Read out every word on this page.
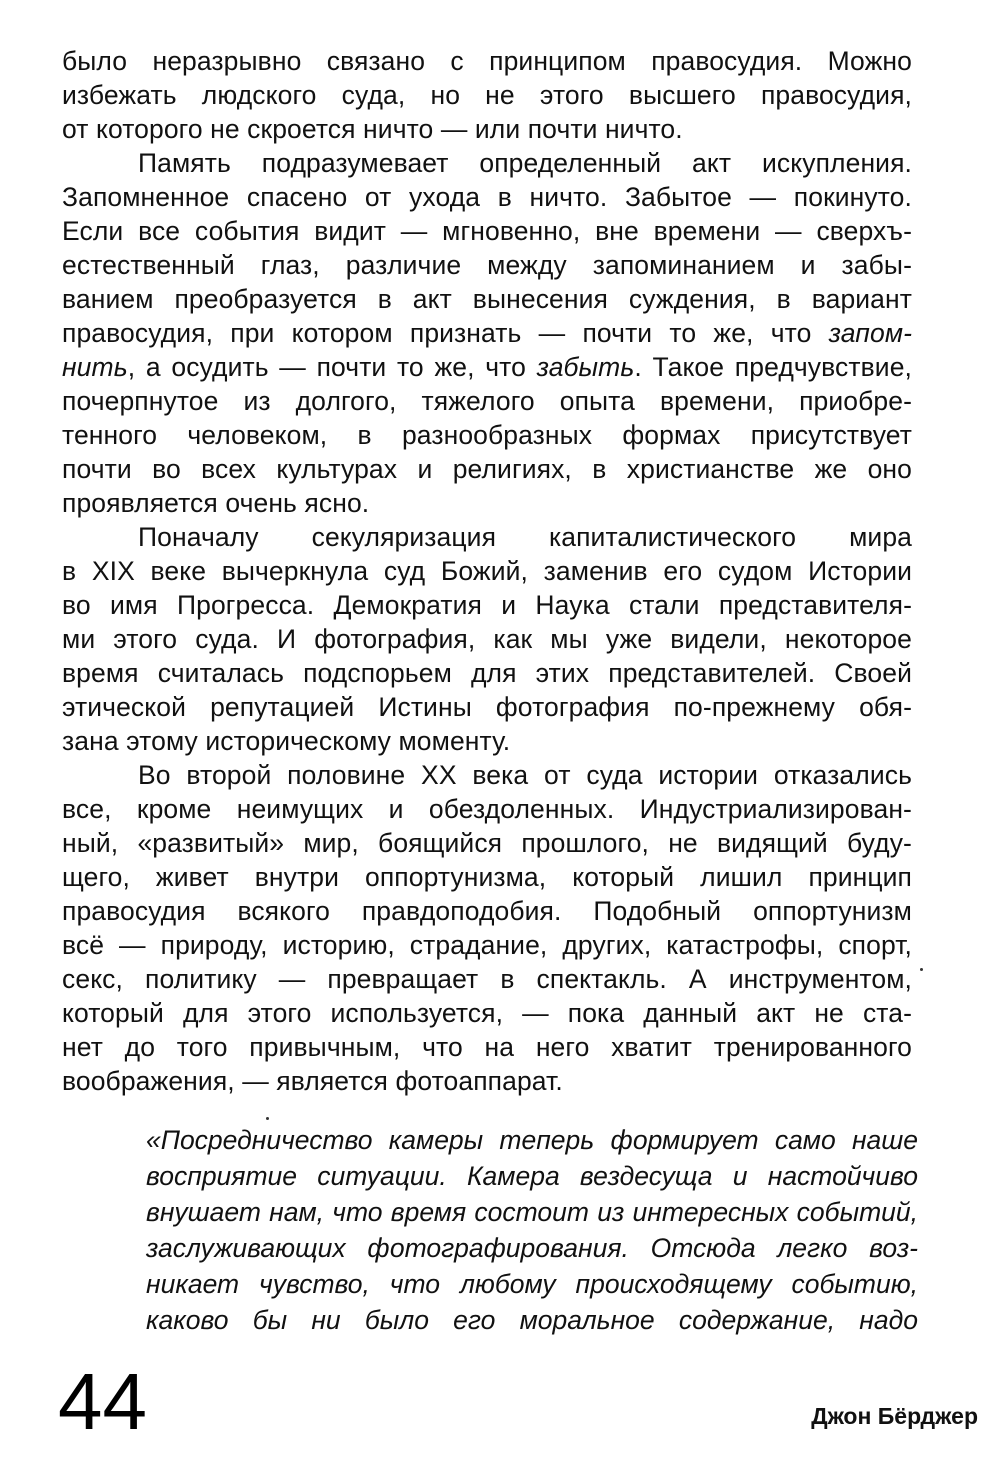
было неразрывно связано с принципом правосудия. Можно
избежать людского суда, но не этого высшего правосудия,
от которого не скроется ничто — или почти ничто.
Память подразумевает определенный акт искупления.
Запомненное спасено от ухода в ничто. Забытое — покинуто.
Если все события видит — мгновенно, вне времени — сверхъ-
естественный глаз, различие между запоминанием и забы-
ванием преобразуется в акт вынесения суждения, в вариант
правосудия, при котором признать — почти то же, что запом-
нить, а осудить — почти то же, что забыть. Такое предчувствие,
почерпнутое из долгого, тяжелого опыта времени, приобре-
тенного человеком, в разнообразных формах присутствует
почти во всех культурах и религиях, в христианстве же оно
проявляется очень ясно.
Поначалу секуляризация капиталистического мира
в XIX веке вычеркнула суд Божий, заменив его судом Истории
во имя Прогресса. Демократия и Наука стали представителя-
ми этого суда. И фотография, как мы уже видели, некоторое
время считалась подспорьем для этих представителей. Своей
этической репутацией Истины фотография по-прежнему обя-
зана этому историческому моменту.
Во второй половине XX века от суда истории отказались
все, кроме неимущих и обездоленных. Индустриализирован-
ный, «развитый» мир, боящийся прошлого, не видящий буду-
щего, живет внутри оппортунизма, который лишил принцип
правосудия всякого правдоподобия. Подобный оппортунизм
всё — природу, историю, страдание, других, катастрофы, спорт,
секс, политику — превращает в спектакль. А инструментом,
который для этого используется, — пока данный акт не ста-
нет до того привычным, что на него хватит тренированного
воображения, — является фотоаппарат.
«Посредничество камеры теперь формирует само наше
восприятие ситуации. Камера вездесуща и настойчиво
внушает нам, что время состоит из интересных событий,
заслуживающих фотографирования. Отсюда легко воз-
никает чувство, что любому происходящему событию,
каково бы ни было его моральное содержание, надо
44	Джон Бёрджер
